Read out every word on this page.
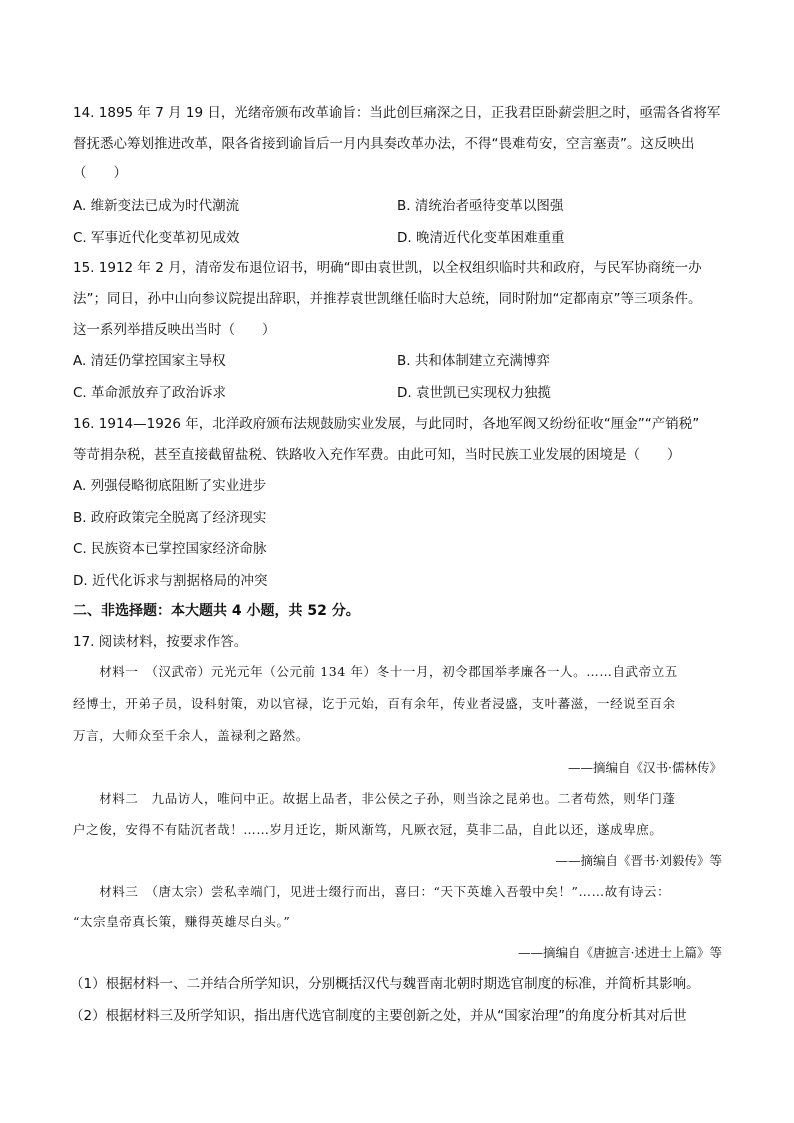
14. 1895 年 7 月 19 日，光绪帝颁布改革谕旨：当此创巨痛深之日，正我君臣卧薪尝胆之时，亟需各省将军
督抚悉心筹划推进改革，限各省接到谕旨后一月内具奏改革办法，不得“畏难苟安，空言塞责”。这反映出
（　　）
A. 维新变法已成为时代潮流	B. 清统治者亟待变革以图强
C. 军事近代化变革初见成效	D. 晚清近代化变革困难重重
15. 1912 年 2 月，清帝发布退位诏书，明确“即由袁世凯，以全权组织临时共和政府，与民军协商统一办
法”；同日，孙中山向参议院提出辞职，并推荐袁世凯继任临时大总统，同时附加“定都南京”等三项条件。
这一系列举措反映出当时（　　）
A. 清廷仍掌控国家主导权	B. 共和体制建立充满博弈
C. 革命派放弃了政治诉求	D. 袁世凯已实现权力独揽
16. 1914—1926 年，北洋政府颁布法规鼓励实业发展，与此同时，各地军阀又纷纷征收“厘金”“产销税”
等苛捐杂税，甚至直接截留盐税、铁路收入充作军费。由此可知，当时民族工业发展的困境是（　　）
A. 列强侵略彻底阻断了实业进步
B. 政府政策完全脱离了经济现实
C. 民族资本已掌控国家经济命脉
D. 近代化诉求与割据格局的冲突
二、非选择题：本大题共 4 小题，共 52 分。
17. 阅读材料，按要求作答。
　　材料一　（汉武帝）元光元年（公元前 134 年）冬十一月，初令郡国举孝廉各一人。……自武帝立五
经博士，开弟子员，设科射策，劝以官禄，讫于元始，百有余年，传业者浸盛，支叶蕃滋，一经说至百余
万言，大师众至千余人，盖禄利之路然。
——摘编自《汉书·儒林传》
　　材料二　九品访人，唯问中正。故据上品者，非公侯之子孙，则当涂之昆弟也。二者苟然，则华门蓬
户之俊，安得不有陆沉者哉！……岁月迁讫，斯风渐笃，凡厥衣冠，莫非二品，自此以还，遂成卑庶。
——摘编自《晋书·刘毅传》等
　　材料三　（唐太宗）尝私幸端门，见进士缀行而出，喜曰：“天下英雄入吾彀中矣！”……故有诗云：
“太宗皇帝真长策，赚得英雄尽白头。”
——摘编自《唐摭言·述进士上篇》等
（1）根据材料一、二并结合所学知识，分别概括汉代与魏晋南北朝时期选官制度的标准，并简析其影响。
（2）根据材料三及所学知识，指出唐代选官制度的主要创新之处，并从“国家治理”的角度分析其对后世
